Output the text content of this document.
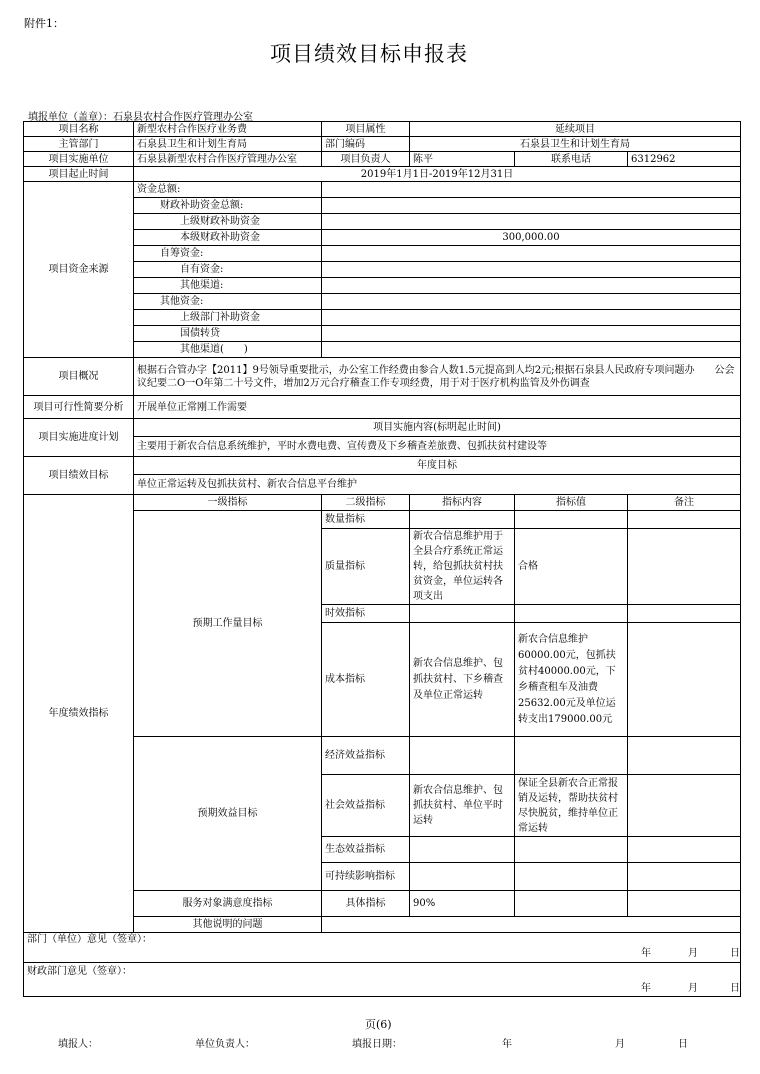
附件1：
项目绩效目标申报表
填报单位（盖章）：石泉县农村合作医疗管理办公室
项目名称	新型农村合作医疗业务费	项目属性	延续项目		
主管部门	石泉县卫生和计划生育局	部门编码	石泉县卫生和计划生育局		
项目实施单位	石泉县新型农村合作医疗管理办公室	项目负责人	陈平	联系电话	6312962
项目起止时间	2019年1月1日-2019年12月31日				
项目资金来源	资金总额:				
	财政补助资金总额:				
	上级财政补助资金				
	本级财政补助资金	300,000.00			
	自筹资金:				
	自有资金:				
	其他渠道:				
	其他资金:				
	上级部门补助资金				
	国债转贷				
	其他渠道(　　)				
项目概况	根据石合管办字【2011】9号领导重要批示，办公室工作经费由参合人数1.5元提高到人均2元;根据石泉县人民政府专项问题办　　公会议纪要二О一О年第二十号文件，增加2万元合疗稽查工作专项经费，用于对于医疗机构监管及外伤调查				
项目可行性简要分析	开展单位正常刚工作需要				
项目实施进度计划	项目实施内容(标明起止时间)				
	主要用于新农合信息系统维护，平时水费电费、宣传费及下乡稽查差旅费、包抓扶贫村建设等				
项目绩效目标	年度目标				
	单位正常运转及包抓扶贫村、新农合信息平台维护				
年度绩效指标	一级指标	二级指标	指标内容	指标值	备注
	预期工作量目标	数量指标			
		质量指标	新农合信息维护用于全县合疗系统正常运转，给包抓扶贫村扶贫资金，单位运转各项支出	合格	
		时效指标			
		成本指标	新农合信息维护、包抓扶贫村、下乡稽查及单位正常运转	新农合信息维护60000.00元，包抓扶贫村40000.00元，下乡稽查租车及油费25632.00元及单位运转支出179000.00元	
	预期效益目标	经济效益指标			
		社会效益指标	新农合信息维护、包抓扶贫村、单位平时运转	保证全县新农合正常报销及运转，帮助扶贫村尽快脱贫，维持单位正常运转	
		生态效益指标			
		可持续影响指标			
	服务对象满意度指标	具体指标	90%		
	其他说明的问题				

部门（单位）意见（签章）：
年 月 日					

财政部门意见（签章）：
年 月 日					
页(6)
填报人：	单位负责人：	填报日期：	年	月	日
